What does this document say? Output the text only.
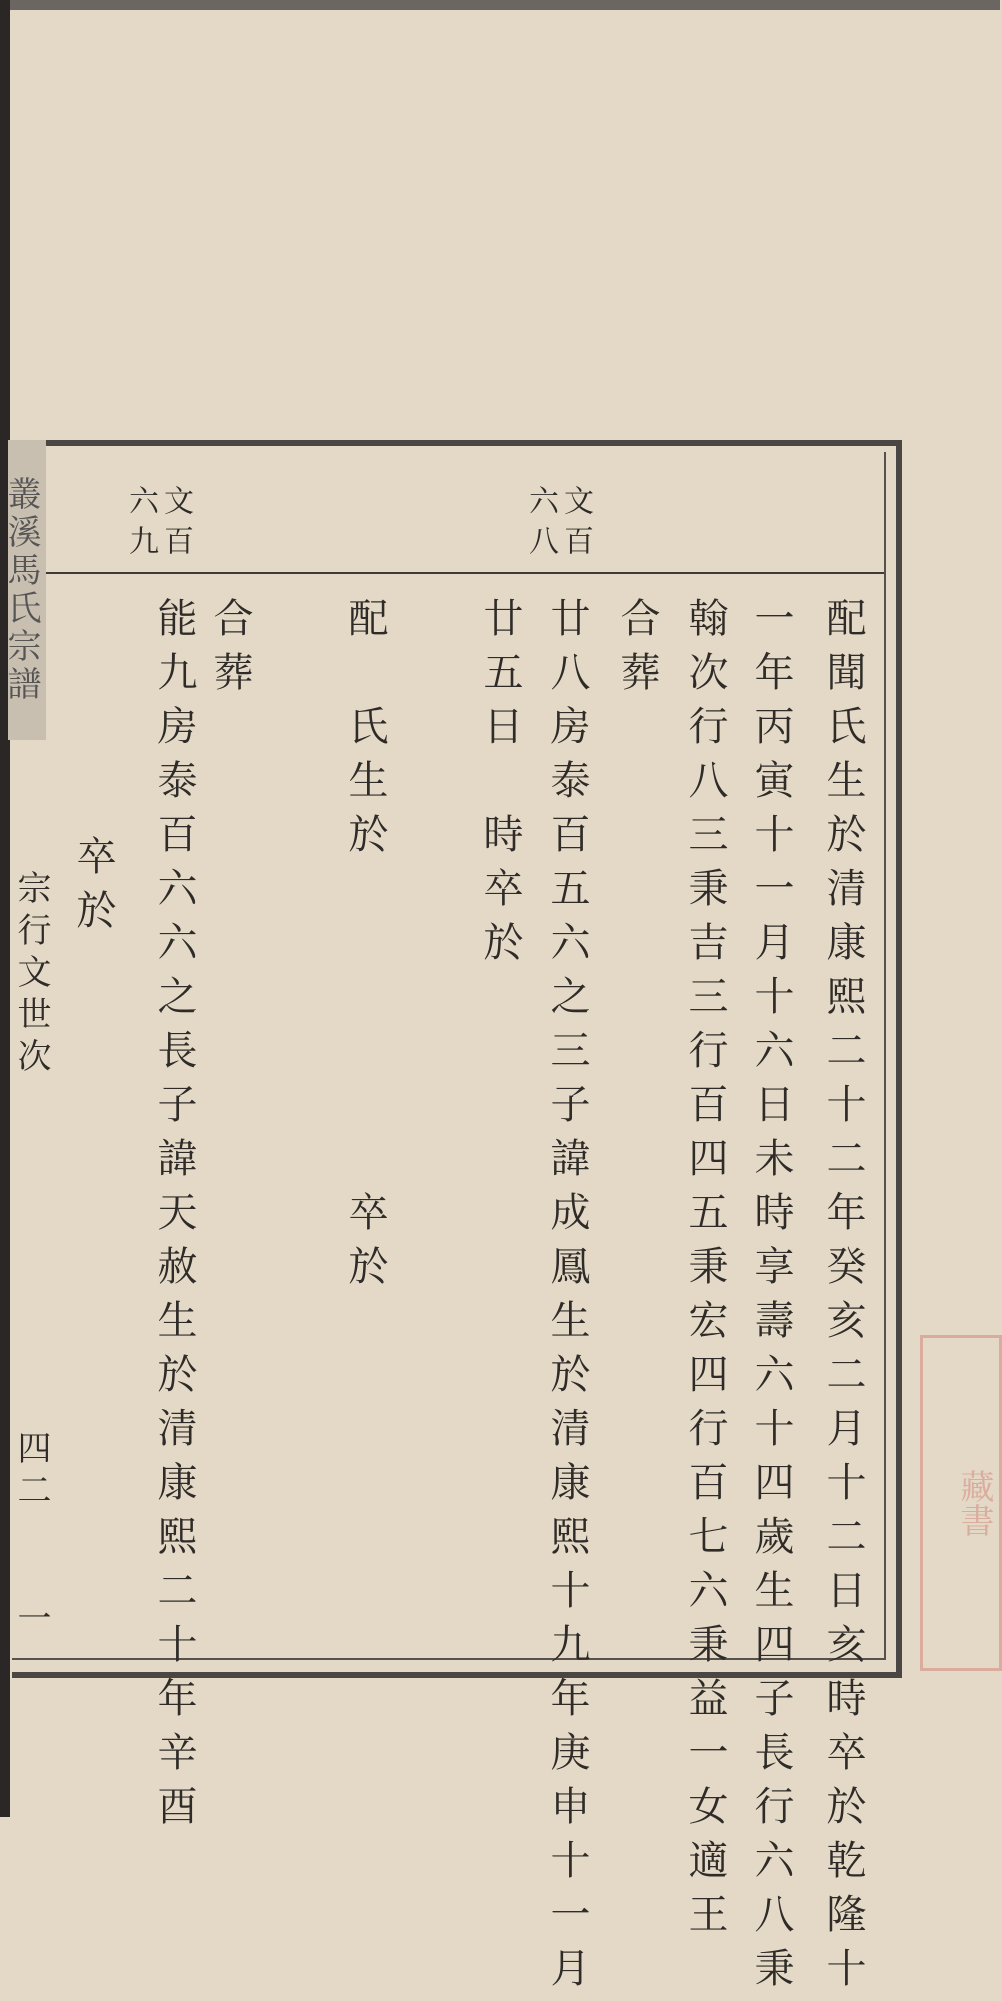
叢溪馬氏宗譜
宗行文世次
四二
一
文百
六八
文百
六九
配聞氏生於清康熙二十二年癸亥二月十二日亥時卒於乾隆十
一年丙寅十一月十六日未時享壽六十四歲生四子長行六八秉
翰次行八三秉吉三行百四五秉宏四行百七六秉益一女適王
合葬
廿八房泰百五六之三子諱成鳳生於清康熙十九年庚申十一月
廿五日　時卒於
配　氏生於　　　　　　卒於
合葬
能九房泰百六六之長子諱天赦生於清康熙二十年辛酉
卒於
藏書
